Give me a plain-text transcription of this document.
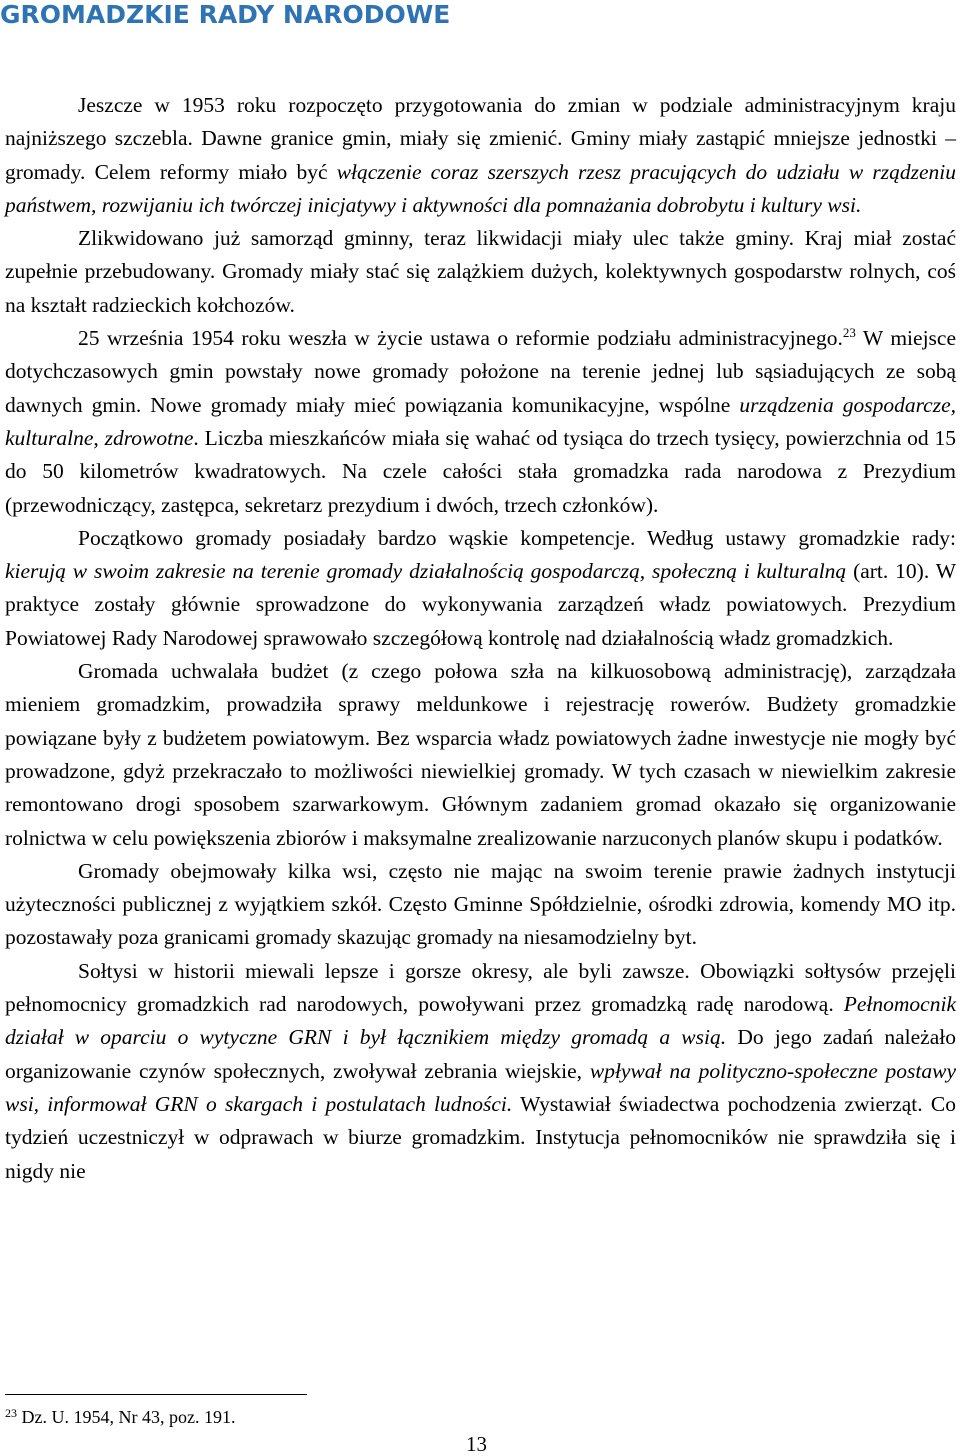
GROMADZKIE RADY NARODOWE

Jeszcze w 1953 roku rozpoczęto przygotowania do zmian w podziale administracyjnym kraju najniższego szczebla. Dawne granice gmin, miały się zmienić. Gminy miały zastąpić mniejsze jednostki – gromady. Celem reformy miało być włączenie coraz szerszych rzesz pracujących do udziału w rządzeniu państwem, rozwijaniu ich twórczej inicjatywy i aktywności dla pomnażania dobrobytu i kultury wsi.

Zlikwidowano już samorząd gminny, teraz likwidacji miały ulec także gminy. Kraj miał zostać zupełnie przebudowany. Gromady miały stać się zalążkiem dużych, kolektywnych gospodarstw rolnych, coś na kształt radzieckich kołchozów.

25 września 1954 roku weszła w życie ustawa o reformie podziału administracyjnego.$^{23}$ W miejsce dotychczasowych gmin powstały nowe gromady położone na terenie jednej lub sąsiadujących ze sobą dawnych gmin. Nowe gromady miały mieć powiązania komunikacyjne, wspólne urządzenia gospodarcze, kulturalne, zdrowotne. Liczba mieszkańców miała się wahać od tysiąca do trzech tysięcy, powierzchnia od 15 do 50 kilometrów kwadratowych. Na czele całości stała gromadzka rada narodowa z Prezydium (przewodniczący, zastępca, sekretarz prezydium i dwóch, trzech członków).

Początkowo gromady posiadały bardzo wąskie kompetencje. Według ustawy gromadzkie rady: kierują w swoim zakresie na terenie gromady działalnością gospodarczą, społeczną i kulturalną (art. 10). W praktyce zostały głównie sprowadzone do wykonywania zarządzeń władz powiatowych. Prezydium Powiatowej Rady Narodowej sprawowało szczegółową kontrolę nad działalnością władz gromadzkich.

Gromada uchwalała budżet (z czego połowa szła na kilkuosobową administrację), zarządzała mieniem gromadzkim, prowadziła sprawy meldunkowe i rejestrację rowerów. Budżety gromadzkie powiązane były z budżetem powiatowym. Bez wsparcia władz powiatowych żadne inwestycje nie mogły być prowadzone, gdyż przekraczało to możliwości niewielkiej gromady. W tych czasach w niewielkim zakresie remontowano drogi sposobem szarwarkowym. Głównym zadaniem gromad okazało się organizowanie rolnictwa w celu powiększenia zbiorów i maksymalne zrealizowanie narzuconych planów skupu i podatków.

Gromady obejmowały kilka wsi, często nie mając na swoim terenie prawie żadnych instytucji użyteczności publicznej z wyjątkiem szkół. Często Gminne Spółdzielnie, ośrodki zdrowia, komendy MO itp. pozostawały poza granicami gromady skazując gromady na niesamodzielny byt.

Sołtysi w historii miewali lepsze i gorsze okresy, ale byli zawsze. Obowiązki sołtysów przejęli pełnomocnicy gromadzkich rad narodowych, powoływani przez gromadzką radę narodową. Pełnomocnik działał w oparciu o wytyczne GRN i był łącznikiem między gromadą a wsią. Do jego zadań należało organizowanie czynów społecznych, zwoływał zebrania wiejskie, wpływał na polityczno-społeczne postawy wsi, informował GRN o skargach i postulatach ludności. Wystawiał świadectwa pochodzenia zwierząt. Co tydzień uczestniczył w odprawach w biurze gromadzkim. Instytucja pełnomocników nie sprawdziła się i nigdy nie

$^{23}$ Dz. U. 1954, Nr 43, poz. 191.
13
